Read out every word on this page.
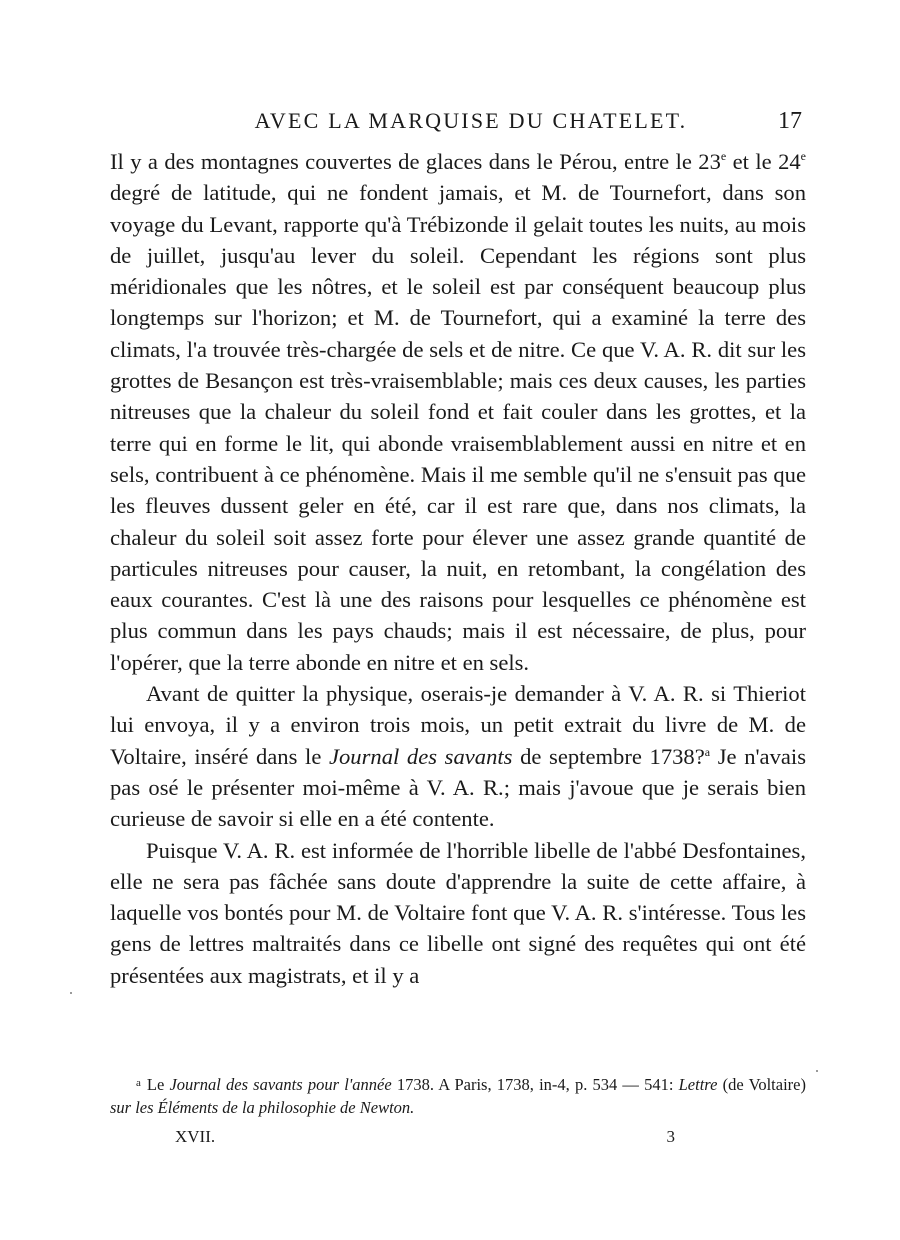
AVEC LA MARQUISE DU CHATELET.	17

Il y a des montagnes couvertes de glaces dans le Pérou, entre le 23e et le 24e degré de latitude, qui ne fondent jamais, et M. de Tournefort, dans son voyage du Levant, rapporte qu'à Trébizonde il gelait toutes les nuits, au mois de juillet, jusqu'au lever du soleil. Cependant les régions sont plus méridionales que les nôtres, et le soleil est par conséquent beaucoup plus longtemps sur l'horizon; et M. de Tournefort, qui a examiné la terre des climats, l'a trouvée très-chargée de sels et de nitre. Ce que V. A. R. dit sur les grottes de Besançon est très-vraisemblable; mais ces deux causes, les parties nitreuses que la chaleur du soleil fond et fait couler dans les grottes, et la terre qui en forme le lit, qui abonde vraisemblablement aussi en nitre et en sels, contribuent à ce phénomène. Mais il me semble qu'il ne s'ensuit pas que les fleuves dussent geler en été, car il est rare que, dans nos climats, la chaleur du soleil soit assez forte pour élever une assez grande quantité de particules nitreuses pour causer, la nuit, en retombant, la congélation des eaux courantes. C'est là une des raisons pour lesquelles ce phénomène est plus commun dans les pays chauds; mais il est nécessaire, de plus, pour l'opérer, que la terre abonde en nitre et en sels.

Avant de quitter la physique, oserais-je demander à V. A. R. si Thieriot lui envoya, il y a environ trois mois, un petit extrait du livre de M. de Voltaire, inséré dans le Journal des savants de septembre 1738?$^a$ Je n'avais pas osé le présenter moi-même à V. A. R.; mais j'avoue que je serais bien curieuse de savoir si elle en a été contente.

Puisque V. A. R. est informée de l'horrible libelle de l'abbé Desfontaines, elle ne sera pas fâchée sans doute d'apprendre la suite de cette affaire, à laquelle vos bontés pour M. de Voltaire font que V. A. R. s'intéresse. Tous les gens de lettres maltraités dans ce libelle ont signé des requêtes qui ont été présentées aux magistrats, et il y a

$^a$ Le Journal des savants pour l'année 1738. A Paris, 1738, in-4, p. 534 — 541: Lettre (de Voltaire) sur les Éléments de la philosophie de Newton.
XVII.	3
